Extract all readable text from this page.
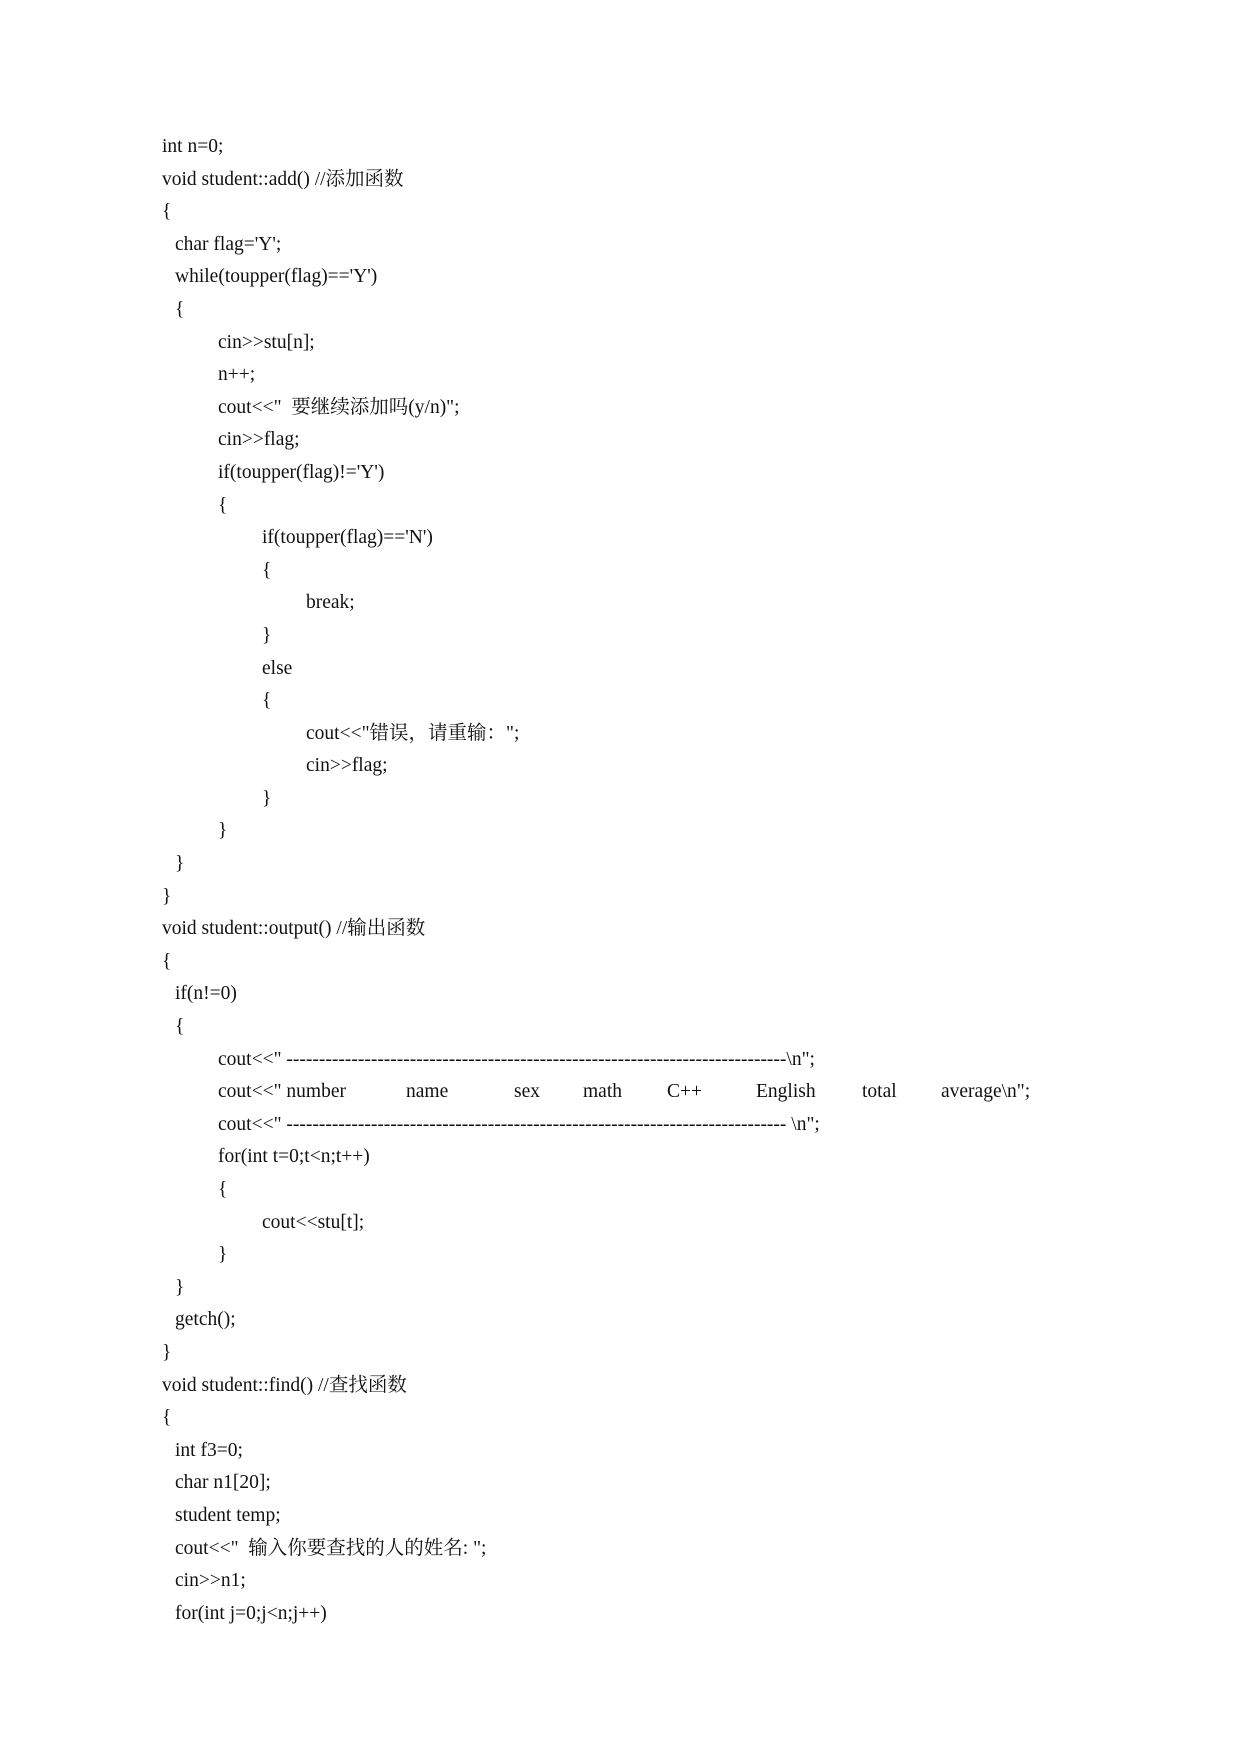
int n=0;
void student::add() //添加函数
{
char flag='Y';
while(toupper(flag)=='Y')
{
cin>>stu[n];
n++;
cout<<"  要继续添加吗(y/n)";
cin>>flag;
if(toupper(flag)!='Y')
{
if(toupper(flag)=='N')
{
break;
}
else
{
cout<<"错误，请重输：";
cin>>flag;
}
}
}
}
void student::output() //输出函数
{
if(n!=0)
{
cout<<" -----------------------------------------------------------------------------\n";

cout<<" number

	name

	sex

math

C++

	English

total

average\n";

cout<<" ----------------------------------------------------------------------------- \n";
for(int t=0;t<n;t++)
{
cout<<stu[t];
}
}
getch();
}
void student::find() //查找函数
{
int f3=0;
char n1[20];
student temp;
cout<<"  输入你要查找的人的姓名: ";
cin>>n1;
for(int j=0;j<n;j++)
